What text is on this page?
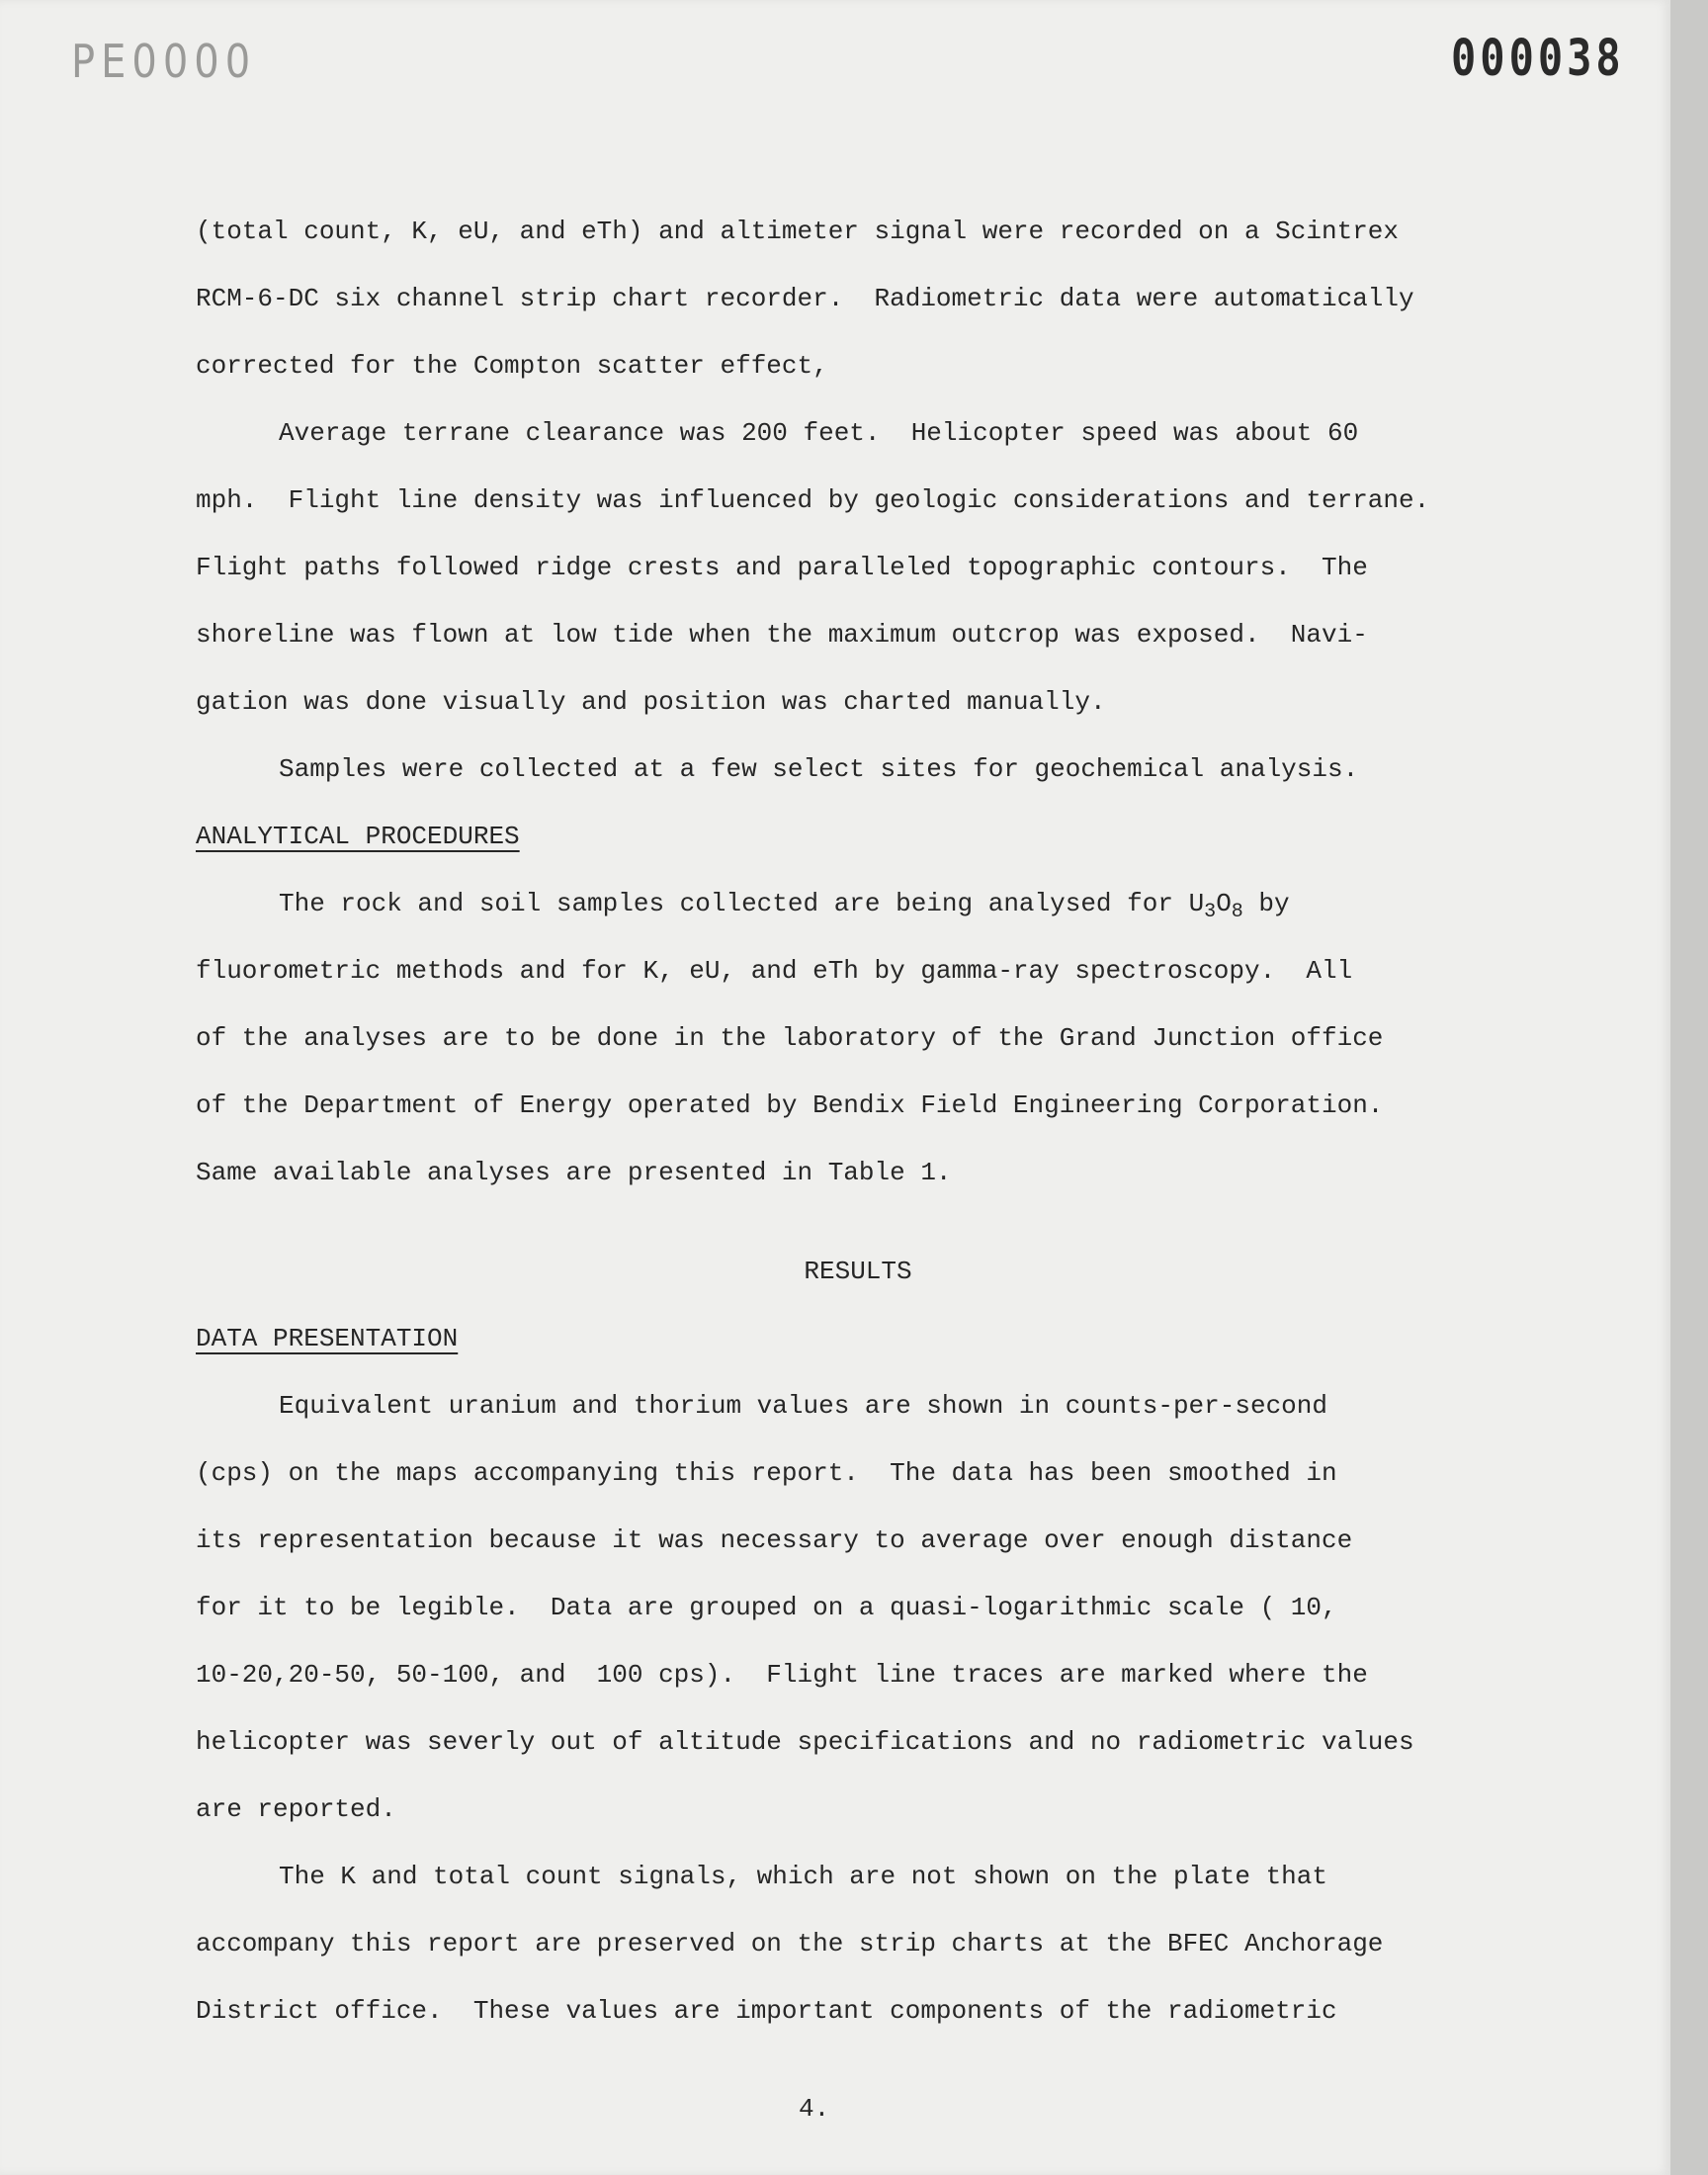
PE0000	000038
(total count, K, eU, and eTh) and altimeter signal were recorded on a Scintrex
RCM-6-DC six channel strip chart recorder.  Radiometric data were automatically
corrected for the Compton scatter effect,
Average terrane clearance was 200 feet.  Helicopter speed was about 60
mph.  Flight line density was influenced by geologic considerations and terrane.
Flight paths followed ridge crests and paralleled topographic contours.  The
shoreline was flown at low tide when the maximum outcrop was exposed.  Navi-
gation was done visually and position was charted manually.
Samples were collected at a few select sites for geochemical analysis.
ANALYTICAL PROCEDURES
The rock and soil samples collected are being analysed for $U_3O_8$ by
fluorometric methods and for K, eU, and eTh by gamma-ray spectroscopy.  All
of the analyses are to be done in the laboratory of the Grand Junction office
of the Department of Energy operated by Bendix Field Engineering Corporation.
Same available analyses are presented in Table 1.
RESULTS
DATA PRESENTATION
Equivalent uranium and thorium values are shown in counts-per-second
(cps) on the maps accompanying this report.  The data has been smoothed in
its representation because it was necessary to average over enough distance
for it to be legible.  Data are grouped on a quasi-logarithmic scale ( 10,
10-20,20-50, 50-100, and  100 cps).  Flight line traces are marked where the
helicopter was severly out of altitude specifications and no radiometric values
are reported.
The K and total count signals, which are not shown on the plate that
accompany this report are preserved on the strip charts at the BFEC Anchorage
District office.  These values are important components of the radiometric
4.
